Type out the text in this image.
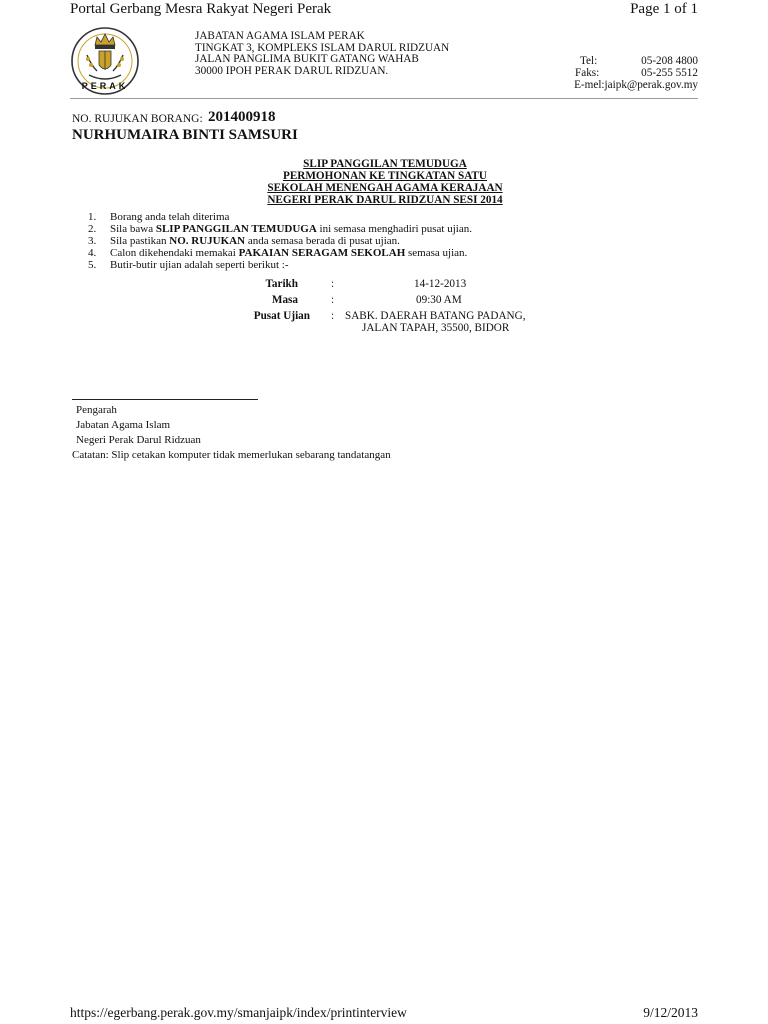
Portal Gerbang Mesra Rakyat Negeri Perak	Page 1 of 1
PERAK
JABATAN AGAMA ISLAM PERAK
TINGKAT 3, KOMPLEKS ISLAM DARUL RIDZUAN
JALAN PANGLIMA BUKIT GATANG WAHAB
30000 IPOH PERAK DARUL RIDZUAN.
Tel:	05-208 4800
Faks:	05-255 5512
E-mel:jaipk@perak.gov.my
NO. RUJUKAN BORANG: 201400918
NURHUMAIRA BINTI SAMSURI
SLIP PANGGILAN TEMUDUGA
PERMOHONAN KE TINGKATAN SATU
SEKOLAH MENENGAH AGAMA KERAJAAN
NEGERI PERAK DARUL RIDZUAN SESI 2014
1. Borang anda telah diterima
2. Sila bawa SLIP PANGGILAN TEMUDUGA ini semasa menghadiri pusat ujian.
3. Sila pastikan NO. RUJUKAN anda semasa berada di pusat ujian.
4. Calon dikehendaki memakai PAKAIAN SERAGAM SEKOLAH semasa ujian.
5. Butir-butir ujian adalah seperti berikut :-
Tarikh	:	14-12-2013
Masa	:	09:30 AM
Pusat Ujian : SABK. DAERAH BATANG PADANG,
JALAN TAPAH, 35500, BIDOR
Pengarah
Jabatan Agama Islam
Negeri Perak Darul Ridzuan
Catatan: Slip cetakan komputer tidak memerlukan sebarang tandatangan
https://egerbang.perak.gov.my/smanjaipk/index/printinterview	9/12/2013
